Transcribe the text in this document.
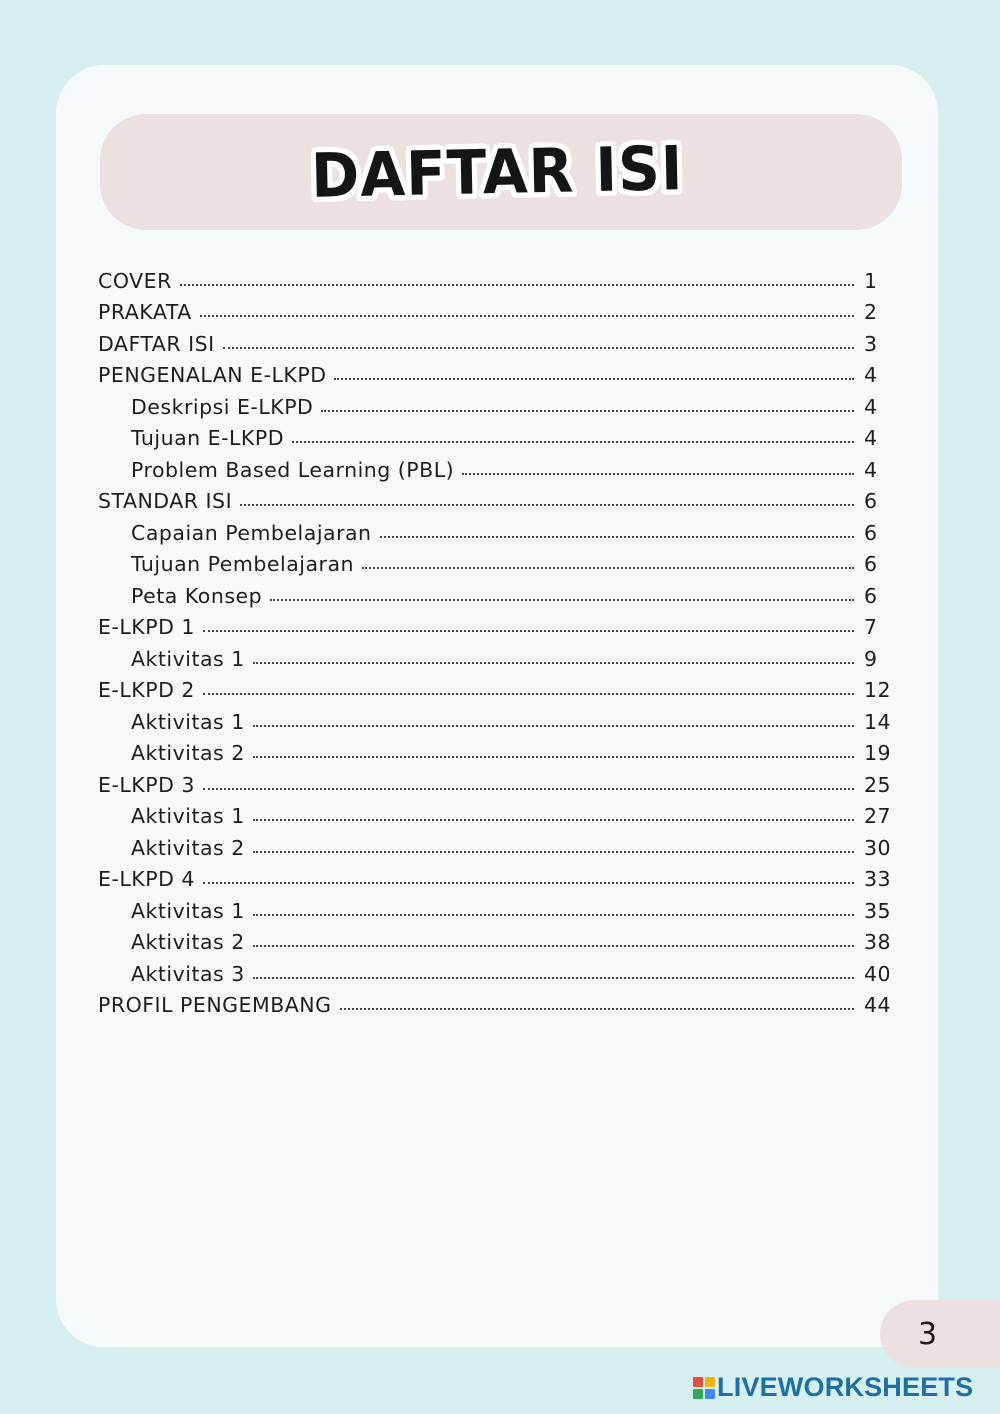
DAFTAR ISI
COVER	1
PRAKATA	2
DAFTAR ISI	3
PENGENALAN E-LKPD	4
Deskripsi E-LKPD	4
Tujuan E-LKPD	4
Problem Based Learning (PBL)	4
STANDAR ISI	6
Capaian Pembelajaran	6
Tujuan Pembelajaran	6
Peta Konsep	6
E-LKPD 1	7
Aktivitas 1	9
E-LKPD 2	12
Aktivitas 1	14
Aktivitas 2	19
E-LKPD 3	25
Aktivitas 1	27
Aktivitas 2	30
E-LKPD 4	33
Aktivitas 1	35
Aktivitas 2	38
Aktivitas 3	40
PROFIL PENGEMBANG	44
3
LIVEWORKSHEETS
